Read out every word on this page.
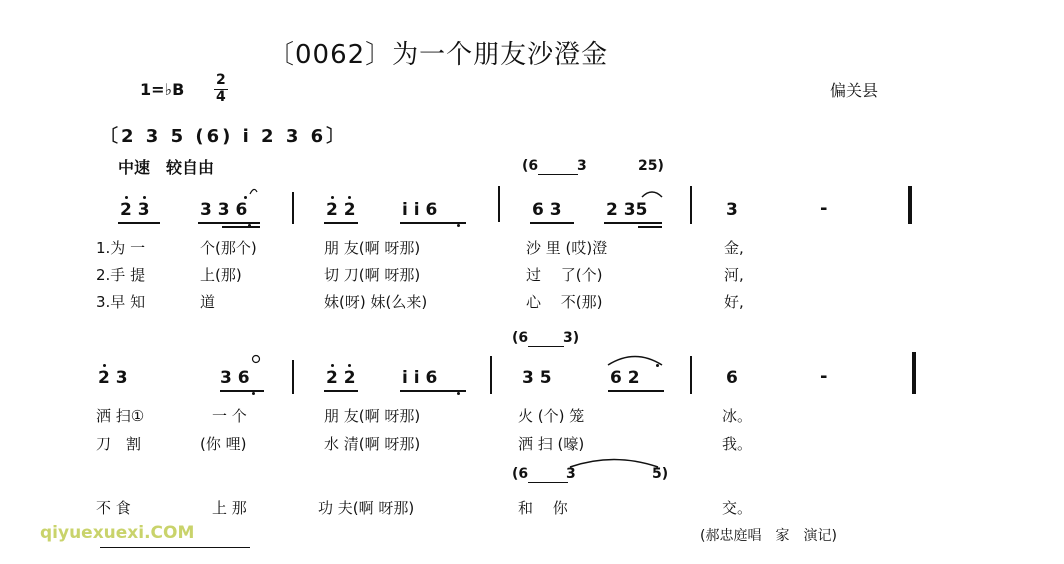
〔0062〕为一个朋友沙澄金
1=♭B 2
4	偏关县
〔2 3 5 (6) i 2 3 6〕
中速　较自由	(6	3	25)
2 3	3 3 6	2 2	i i 6	6 3	2 35	3	-
1.为 一	个(那个)	朋 友(啊 呀那)	沙 里 (哎)澄	金,
2.手 提	上(那)	切 刀(啊 呀那)	过　 了(个)	河,
3.早 知	道	妹(呀) 妹(么来)	心　 不(那)	好,
(6 3)
2 3	3 6	2 2	i i 6	3 5	6 2	6	-
洒 扫①	一 个	朋 友(啊 呀那)	火 (个) 笼	冰。
刀　割	(你 哩)	水 清(啊 呀那)	洒 扫 (嚎)	我。
(6	3	5)
不 食	上 那	功 夫(啊 呀那)	和　 你	交。
(郝忠庭唱　家　演记)
qiyuexuexi.COM
